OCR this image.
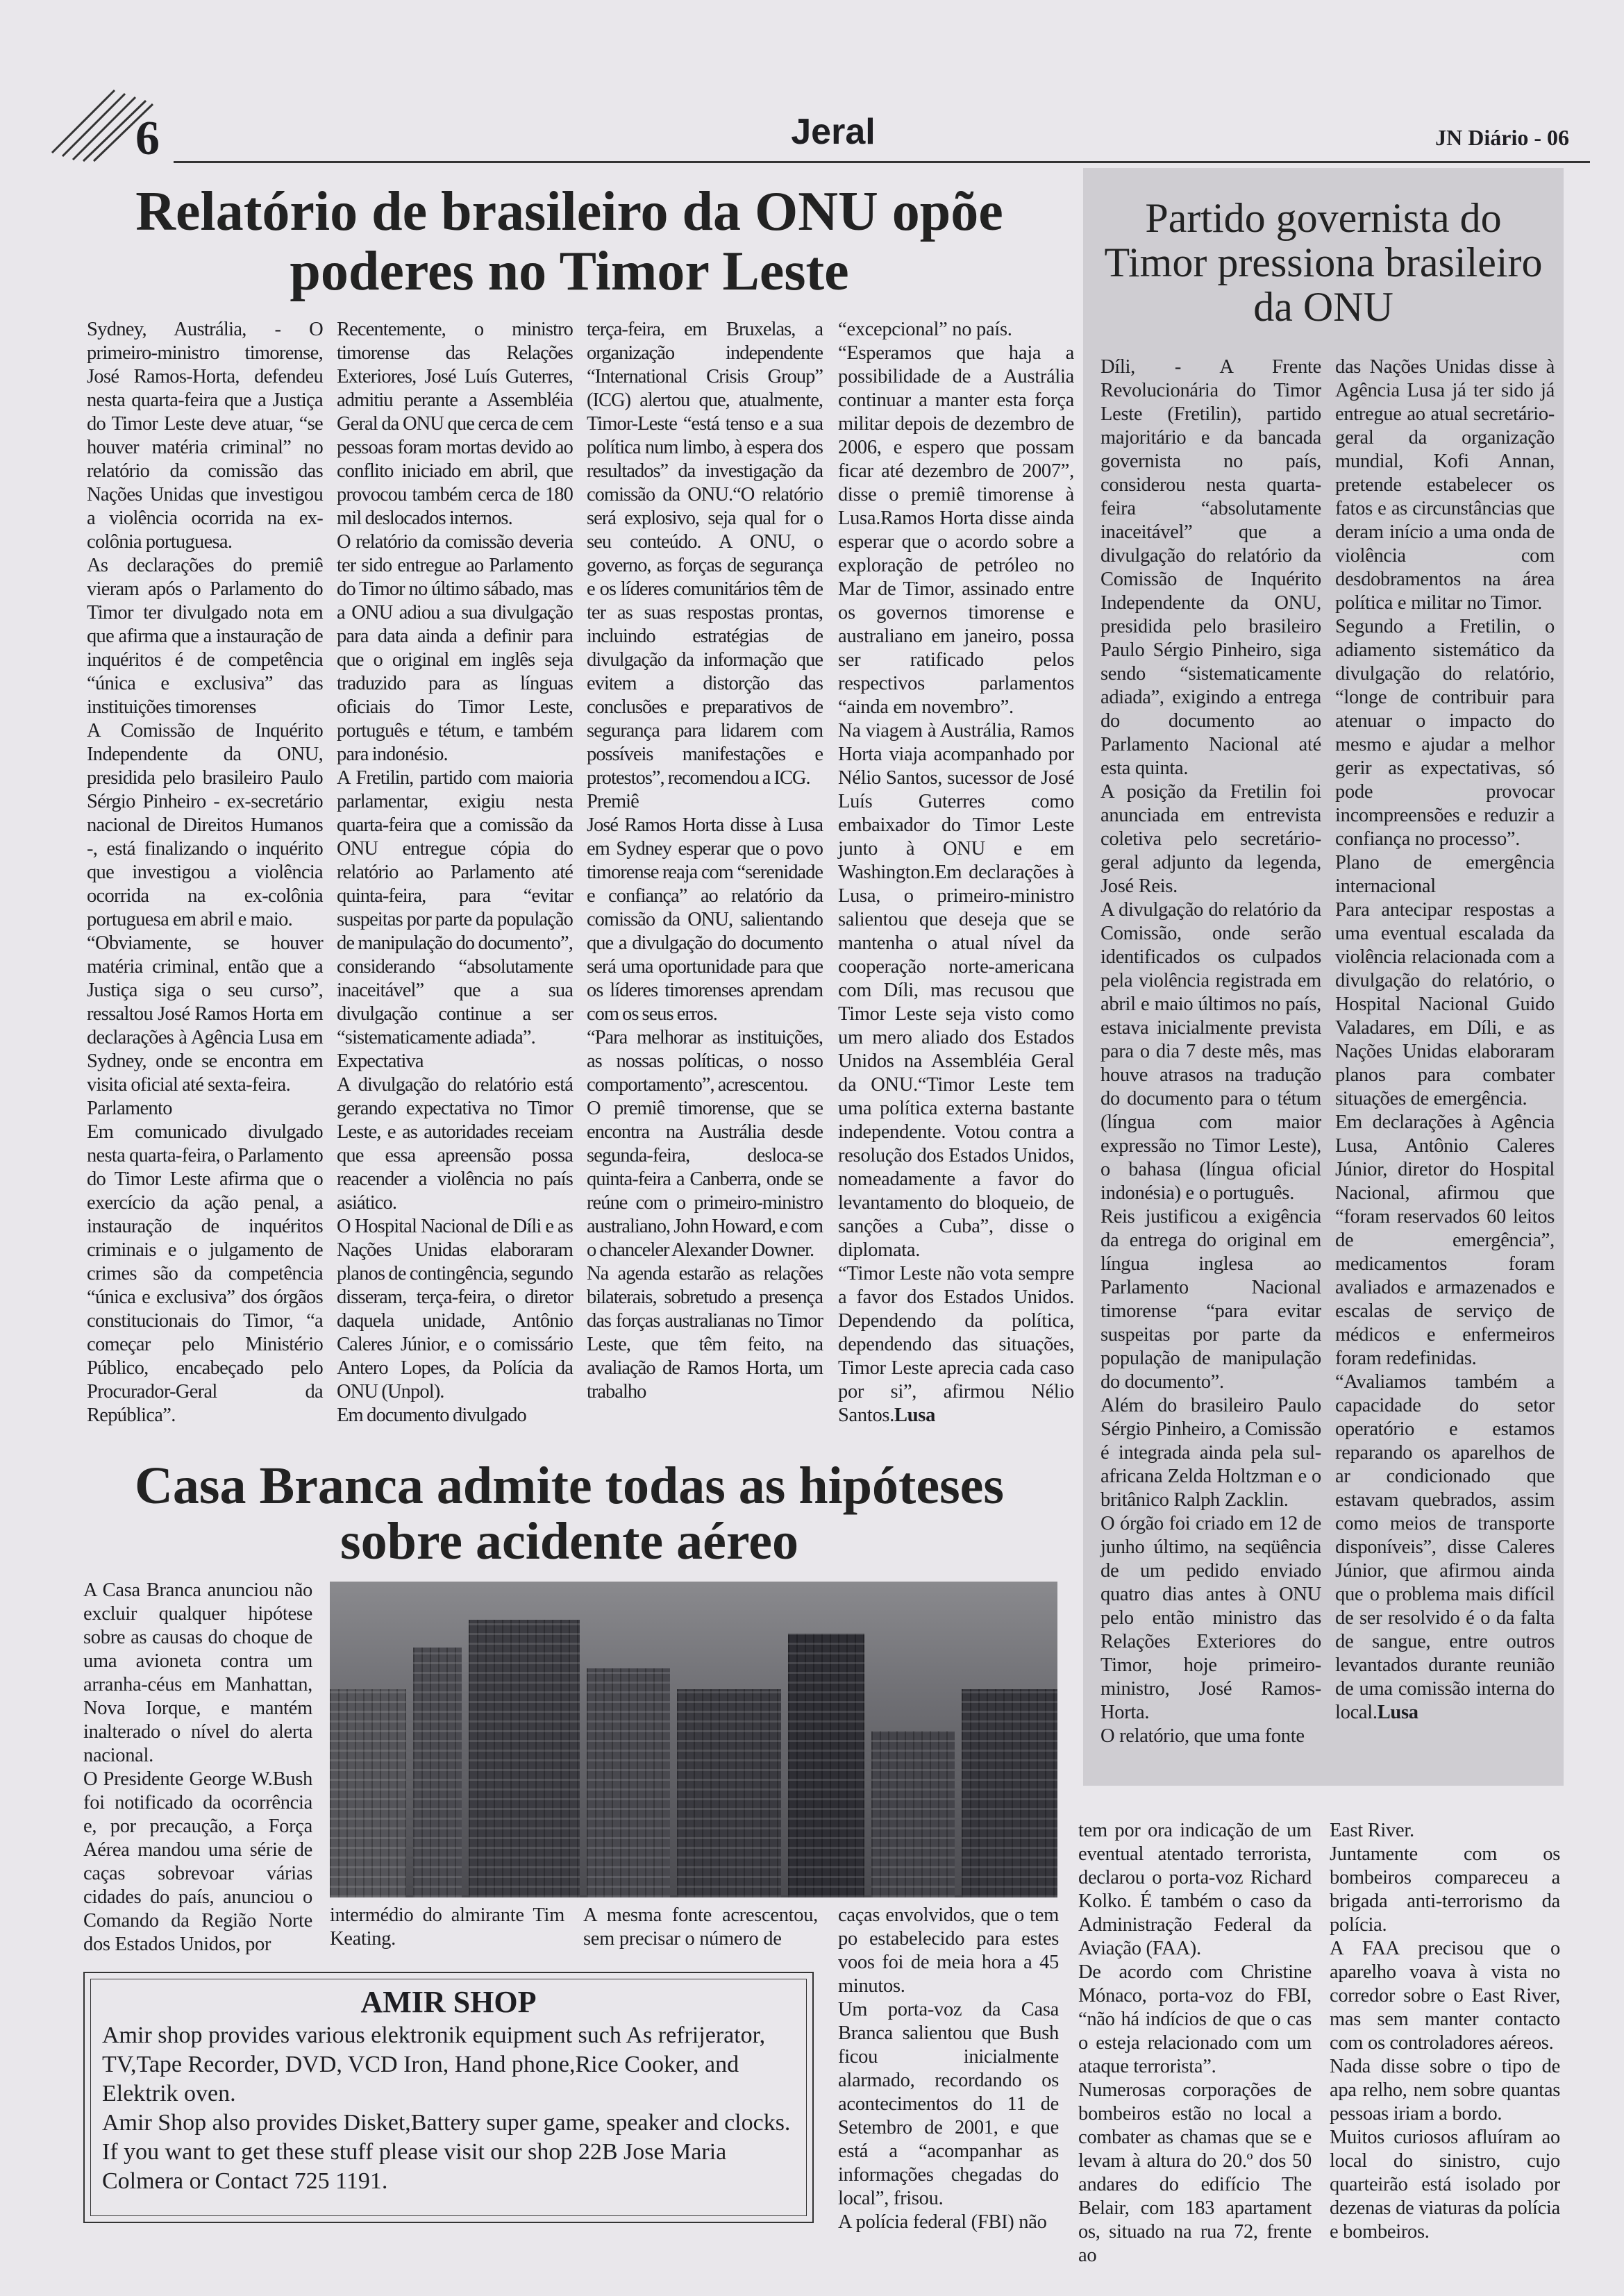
6	Jeral	JN Diário - 06
Relatório de brasileiro da ONU opõe
poderes no Timor Leste

Sydney, Austrália, - O primeiro-ministro timorense, José Ramos-Horta, defendeu nesta quarta-feira que a Justiça do Timor Leste deve atuar, “se houver matéria criminal” no relatório da comissão das Nações Unidas que investigou a violência ocorrida na ex-colônia portuguesa.

As declarações do premiê vieram após o Parlamento do Timor ter divulgado nota em que afirma que a instauração de inquéritos é de competência “única e exclusiva” das instituições timorenses

A Comissão de Inquérito Independente da ONU, presidida pelo brasileiro Paulo Sérgio Pinheiro - ex-secretário nacional de Direitos Humanos -, está finalizando o inquérito que investigou a violência ocorrida na ex-colônia portuguesa em abril e maio.

“Obviamente, se houver matéria criminal, então que a Justiça siga o seu curso”, ressaltou José Ramos Horta em declarações à Agência Lusa em Sydney, onde se encontra em visita oficial até sexta-feira.

Parlamento

Em comunicado divulgado nesta quarta-feira, o Parlamento do Timor Leste afirma que o exercício da ação penal, a instauração de inquéritos criminais e o julgamento de crimes são da competência “única e exclusiva” dos órgãos constitucionais do Timor, “a começar pelo Ministério Público, encabeçado pelo Procurador-Geral da República”.

Recentemente, o ministro timorense das Relações Exteriores, José Luís Guterres, admitiu perante a Assembléia Geral da ONU que cerca de cem pessoas foram mortas devido ao conflito iniciado em abril, que provocou também cerca de 180 mil deslocados internos.

O relatório da comissão deveria ter sido entregue ao Parlamento do Timor no último sábado, mas a ONU adiou a sua divulgação para data ainda a definir para que o original em inglês seja traduzido para as línguas oficiais do Timor Leste, português e tétum, e também para indonésio.

A Fretilin, partido com maioria parlamentar, exigiu nesta quarta-feira que a comissão da ONU entregue cópia do relatório ao Parlamento até quinta-feira, para “evitar suspeitas por parte da população de manipulação do documento”, considerando “absolutamente inaceitável” que a sua divulgação continue a ser “sistematicamente adiada”.

Expectativa

A divulgação do relatório está gerando expectativa no Timor Leste, e as autoridades receiam que essa apreensão possa reacender a violência no país asiático.

O Hospital Nacional de Díli e as Nações Unidas elaboraram planos de contingência, segundo disseram, terça-feira, o diretor daquela unidade, Antônio Caleres Júnior, e o comissário Antero Lopes, da Polícia da ONU (Unpol).

Em documento divulgado

terça-feira, em Bruxelas, a organização independente “International Crisis Group” (ICG) alertou que, atualmente, Timor-Leste “está tenso e a sua política num limbo, à espera dos resultados” da investigação da comissão da ONU.“O relatório será explosivo, seja qual for o seu conteúdo. A ONU, o governo, as forças de segurança e os líderes comunitários têm de ter as suas respostas prontas, incluindo estratégias de divulgação da informação que evitem a distorção das conclusões e preparativos de segurança para lidarem com possíveis manifestações e protestos”, recomendou a ICG.

Premiê

José Ramos Horta disse à Lusa em Sydney esperar que o povo timorense reaja com “serenidade e confiança” ao relatório da comissão da ONU, salientando que a divulgação do documento será uma oportunidade para que os líderes timorenses aprendam com os seus erros.

“Para melhorar as instituições, as nossas políticas, o nosso comportamento”, acrescentou.

O premiê timorense, que se encontra na Austrália desde segunda-feira, desloca-se quinta-feira a Canberra, onde se reúne com o primeiro-ministro australiano, John Howard, e com o chanceler Alexander Downer.

Na agenda estarão as relações bilaterais, sobretudo a presença das forças australianas no Timor Leste, que têm feito, na avaliação de Ramos Horta, um trabalho

“excepcional” no país.

“Esperamos que haja a possibilidade de a Austrália continuar a manter esta força militar depois de dezembro de 2006, e espero que possam ficar até dezembro de 2007”, disse o premiê timorense à Lusa.Ramos Horta disse ainda esperar que o acordo sobre a exploração de petróleo no Mar de Timor, assinado entre os governos timorense e australiano em janeiro, possa ser ratificado pelos respectivos parlamentos “ainda em novembro”.

Na viagem à Austrália, Ramos Horta viaja acompanhado por Nélio Santos, sucessor de José Luís Guterres como embaixador do Timor Leste junto à ONU e em Washington.Em declarações à Lusa, o primeiro-ministro salientou que deseja que se mantenha o atual nível da cooperação norte-americana com Díli, mas recusou que Timor Leste seja visto como um mero aliado dos Estados Unidos na Assembléia Geral da ONU.“Timor Leste tem uma política externa bastante independente. Votou contra a resolução dos Estados Unidos, nomeadamente a favor do levantamento do bloqueio, de sanções a Cuba”, disse o diplomata.

“Timor Leste não vota sempre a favor dos Estados Unidos. Dependendo da política, dependendo das situações, Timor Leste aprecia cada caso por si”, afirmou Nélio Santos.Lusa

Partido governista do Timor pressiona brasileiro da ONU

Díli, - A Frente Revolucionária do Timor Leste (Fretilin), partido majoritário e da bancada governista no país, considerou nesta quarta-feira “absolutamente inaceitável” que a divulgação do relatório da Comissão de Inquérito Independente da ONU, presidida pelo brasileiro Paulo Sérgio Pinheiro, siga sendo “sistematicamente adiada”, exigindo a entrega do documento ao Parlamento Nacional até esta quinta.

A posição da Fretilin foi anunciada em entrevista coletiva pelo secretário-geral adjunto da legenda, José Reis.

A divulgação do relatório da Comissão, onde serão identificados os culpados pela violência registrada em abril e maio últimos no país, estava inicialmente prevista para o dia 7 deste mês, mas houve atrasos na tradução do documento para o tétum (língua com maior expressão no Timor Leste), o bahasa (língua oficial indonésia) e o português.

Reis justificou a exigência da entrega do original em língua inglesa ao Parlamento Nacional timorense “para evitar suspeitas por parte da população de manipulação do documento”.

Além do brasileiro Paulo Sérgio Pinheiro, a Comissão é integrada ainda pela sul-africana Zelda Holtzman e o britânico Ralph Zacklin.

O órgão foi criado em 12 de junho último, na seqüência de um pedido enviado quatro dias antes à ONU pelo então ministro das Relações Exteriores do Timor, hoje primeiro-ministro, José Ramos-Horta.

O relatório, que uma fonte

das Nações Unidas disse à Agência Lusa já ter sido já entregue ao atual secretário-geral da organização mundial, Kofi Annan, pretende estabelecer os fatos e as circunstâncias que deram início a uma onda de violência com desdobramentos na área política e militar no Timor.

Segundo a Fretilin, o adiamento sistemático da divulgação do relatório, “longe de contribuir para atenuar o impacto do mesmo e ajudar a melhor gerir as expectativas, só pode provocar incompreensões e reduzir a confiança no processo”.

Plano de emergência internacional

Para antecipar respostas a uma eventual escalada da violência relacionada com a divulgação do relatório, o Hospital Nacional Guido Valadares, em Díli, e as Nações Unidas elaboraram planos para combater situações de emergência.

Em declarações à Agência Lusa, Antônio Caleres Júnior, diretor do Hospital Nacional, afirmou que “foram reservados 60 leitos de emergência”, medicamentos foram avaliados e armazenados e escalas de serviço de médicos e enfermeiros foram redefinidas.

“Avaliamos também a capacidade do setor operatório e estamos reparando os aparelhos de ar condicionado que estavam quebrados, assim como meios de transporte disponíveis”, disse Caleres Júnior, que afirmou ainda que o problema mais difícil de ser resolvido é o da falta de sangue, entre outros levantados durante reunião de uma comissão interna do local.Lusa

Casa Branca admite todas as hipóteses
sobre acidente aéreo

A Casa Branca anunciou não excluir qualquer hipótese sobre as causas do choque de uma avioneta contra um arranha-céus em Manhattan, Nova Iorque, e mantém inalterado o nível do alerta nacional.

O Presidente George W.Bush foi notificado da ocorrência e, por precaução, a Força Aérea mandou uma série de caças sobrevoar várias cidades do país, anunciou o Comando da Região Norte dos Estados Unidos, por

intermédio do almirante Tim Keating.

A mesma fonte acrescentou, sem precisar o número de

caças envolvidos, que o tem po estabelecido para estes voos foi de meia hora a 45 minutos.

Um porta-voz da Casa Branca salientou que Bush ficou inicialmente alarmado, recordando os acontecimentos do 11 de Setembro de 2001, e que está a “acompanhar as informações chegadas do local”, frisou.

A polícia federal (FBI) não

tem por ora indicação de um eventual atentado terrorista, declarou o porta-voz Richard Kolko. É também o caso da Administração Federal da Aviação (FAA).

De acordo com Christine Mónaco, porta-voz do FBI, “não há indícios de que o cas o esteja relacionado com um ataque terrorista”.

Numerosas corporações de bombeiros estão no local a combater as chamas que se e levam à altura do 20.º dos 50 andares do edifício The Belair, com 183 apartament os, situado na rua 72, frente ao

East River.

Juntamente com os bombeiros compareceu a brigada anti-terrorismo da polícia.

A FAA precisou que o aparelho voava à vista no corredor sobre o East River, mas sem manter contacto com os controladores aéreos.

Nada disse sobre o tipo de apa relho, nem sobre quantas pessoas iriam a bordo.

Muitos curiosos afluíram ao local do sinistro, cujo quarteirão está isolado por dezenas de viaturas da polícia e bombeiros.

AMIR SHOP
Amir shop provides various elektronik equipment such As refrijerator, TV,Tape Recorder, DVD, VCD Iron, Hand phone,Rice Cooker, and Elektrik oven.
Amir Shop also provides Disket,Battery super game, speaker and clocks. If you want to get these stuff please visit our shop 22B Jose Maria Colmera or Contact 725 1191.
